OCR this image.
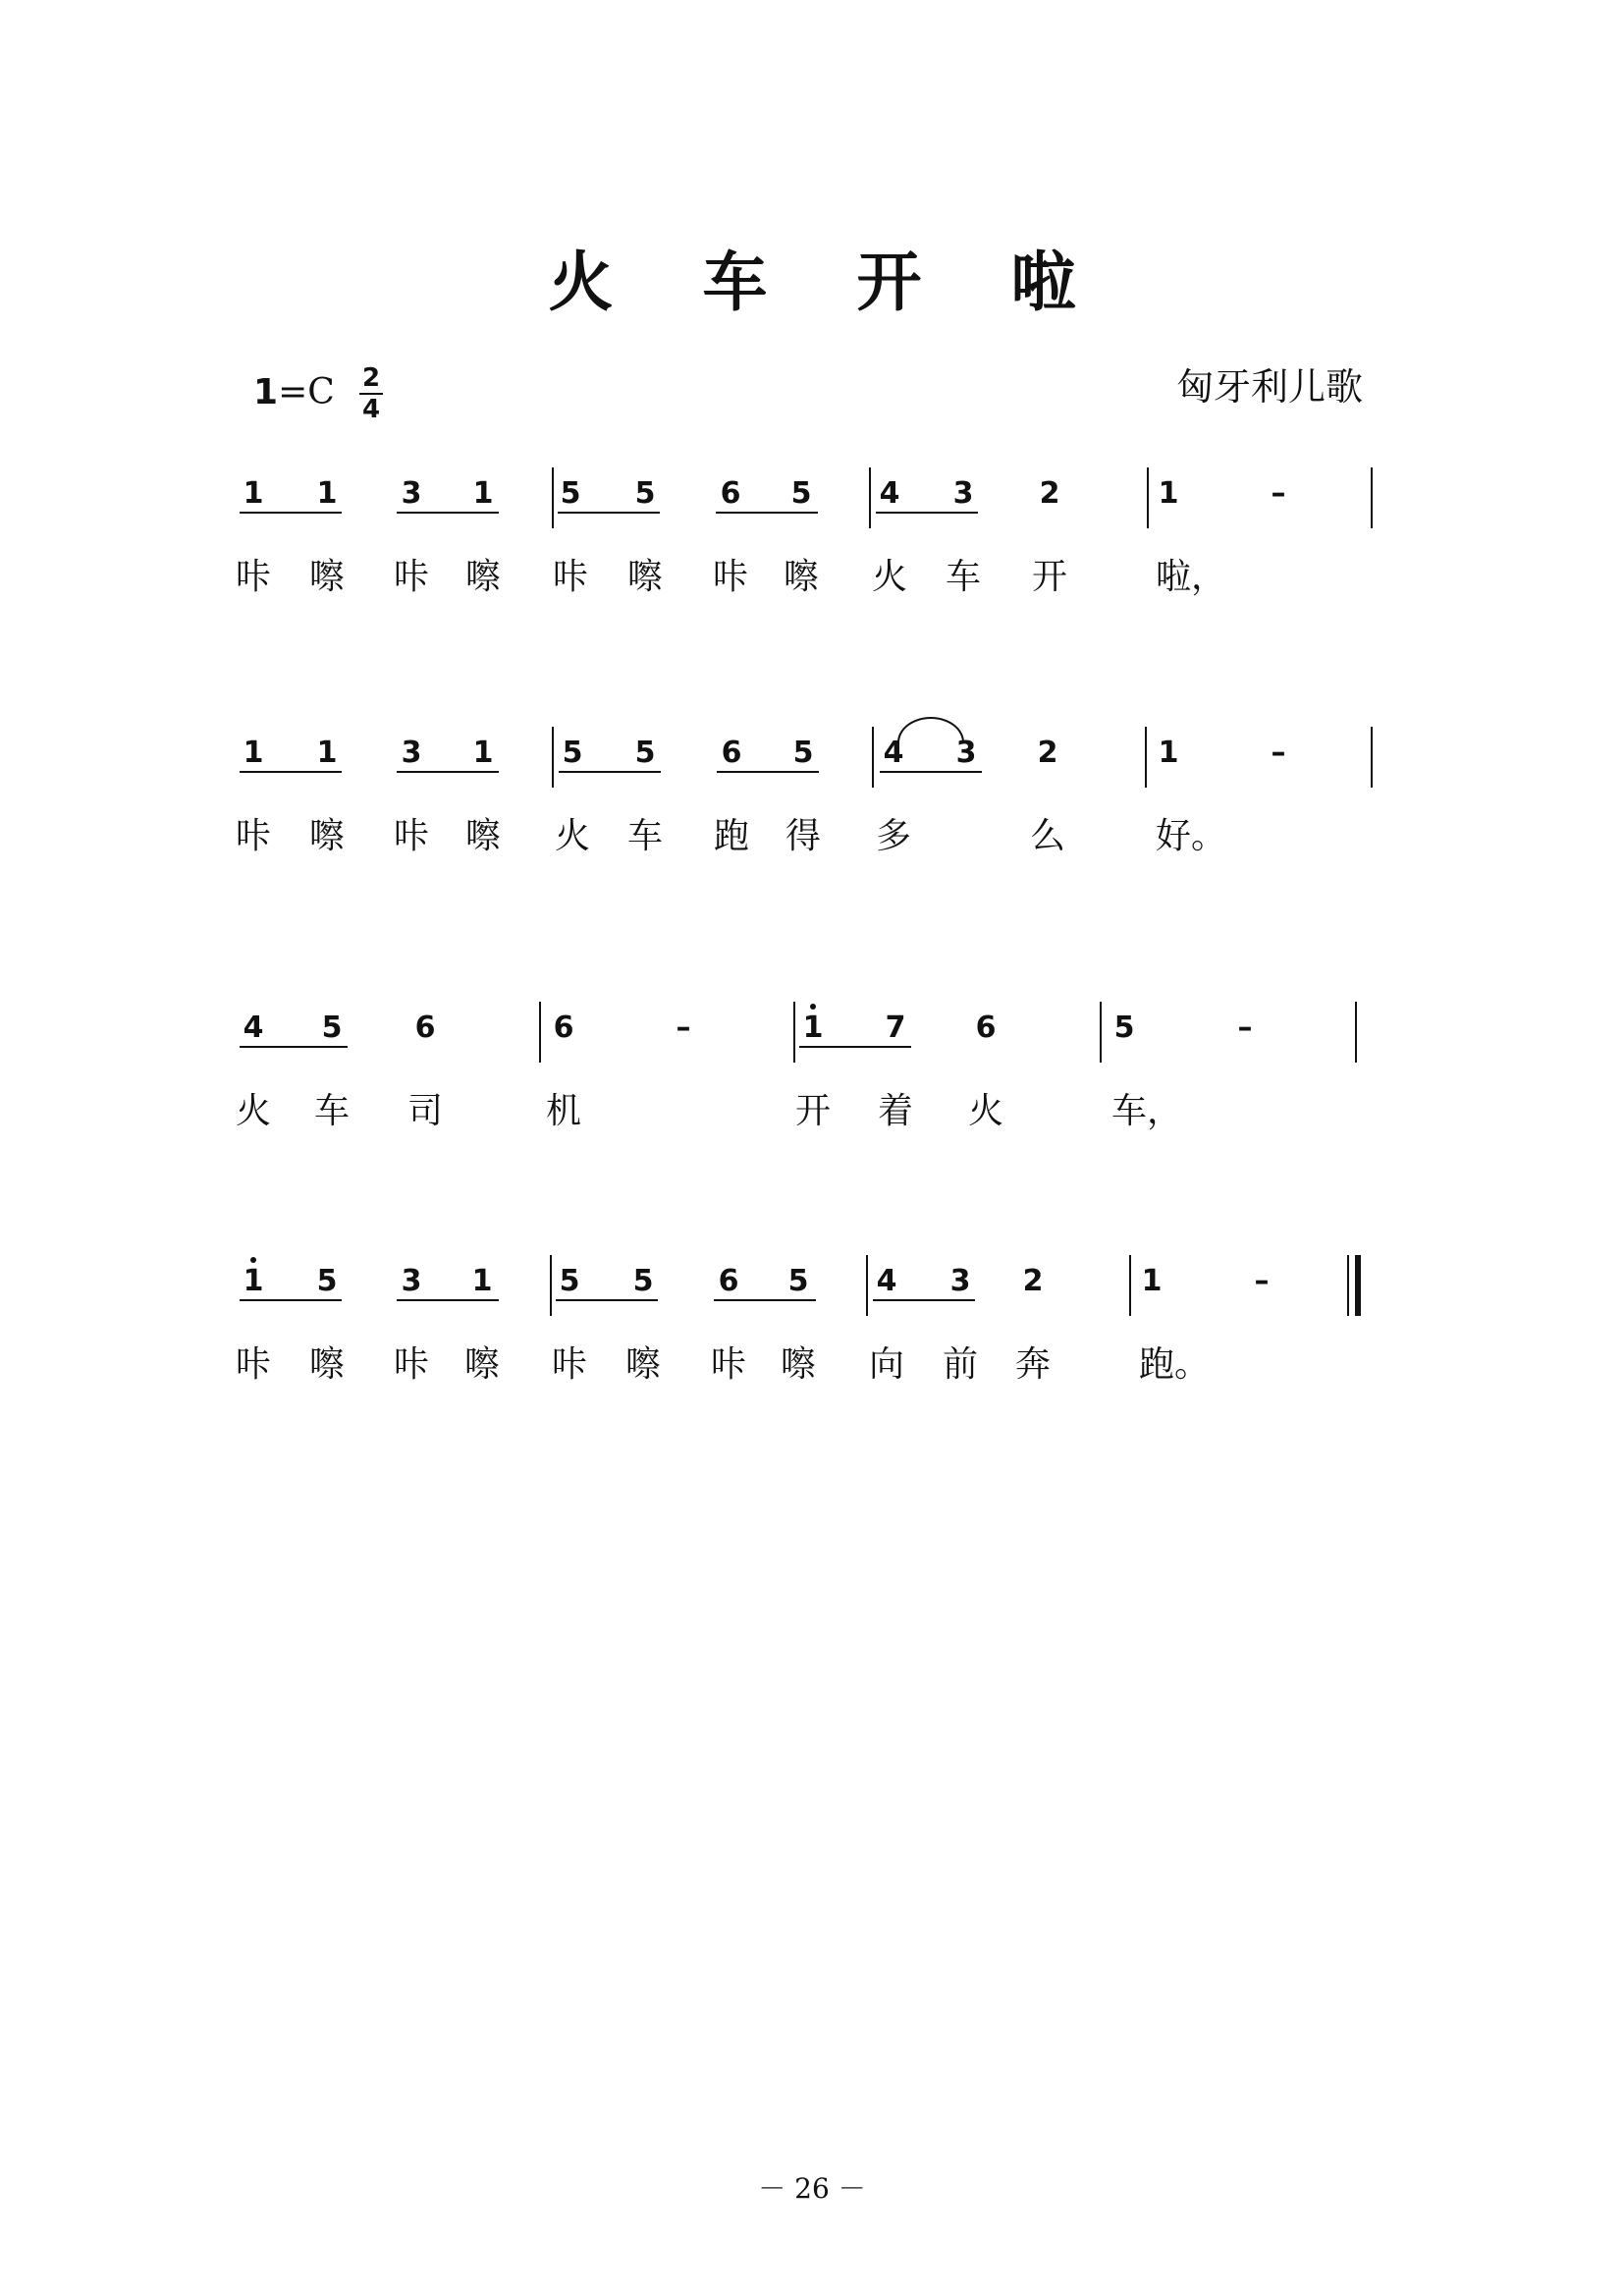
火 车 开 啦
1=C 2
4
匈牙利儿歌
1	1	3	1	5	5	6	5	4	3	2	1	–
咔 嚓 咔 嚓 咔 嚓 咔 嚓 火 车 开	啦，
1	1	3	1	5	5	6	5	4	3	2	1	–
咔 嚓 咔 嚓 火 车 跑 得 多	么	好。
4	5	6	6	–	1	7	6	5	–
火 车 司	机	开 着 火	车，
1	5	3	1	5	5	6	5	4	3	2	1	–
咔 嚓 咔 嚓 咔 嚓 咔 嚓 向 前 奔	跑。
－ 26 －
